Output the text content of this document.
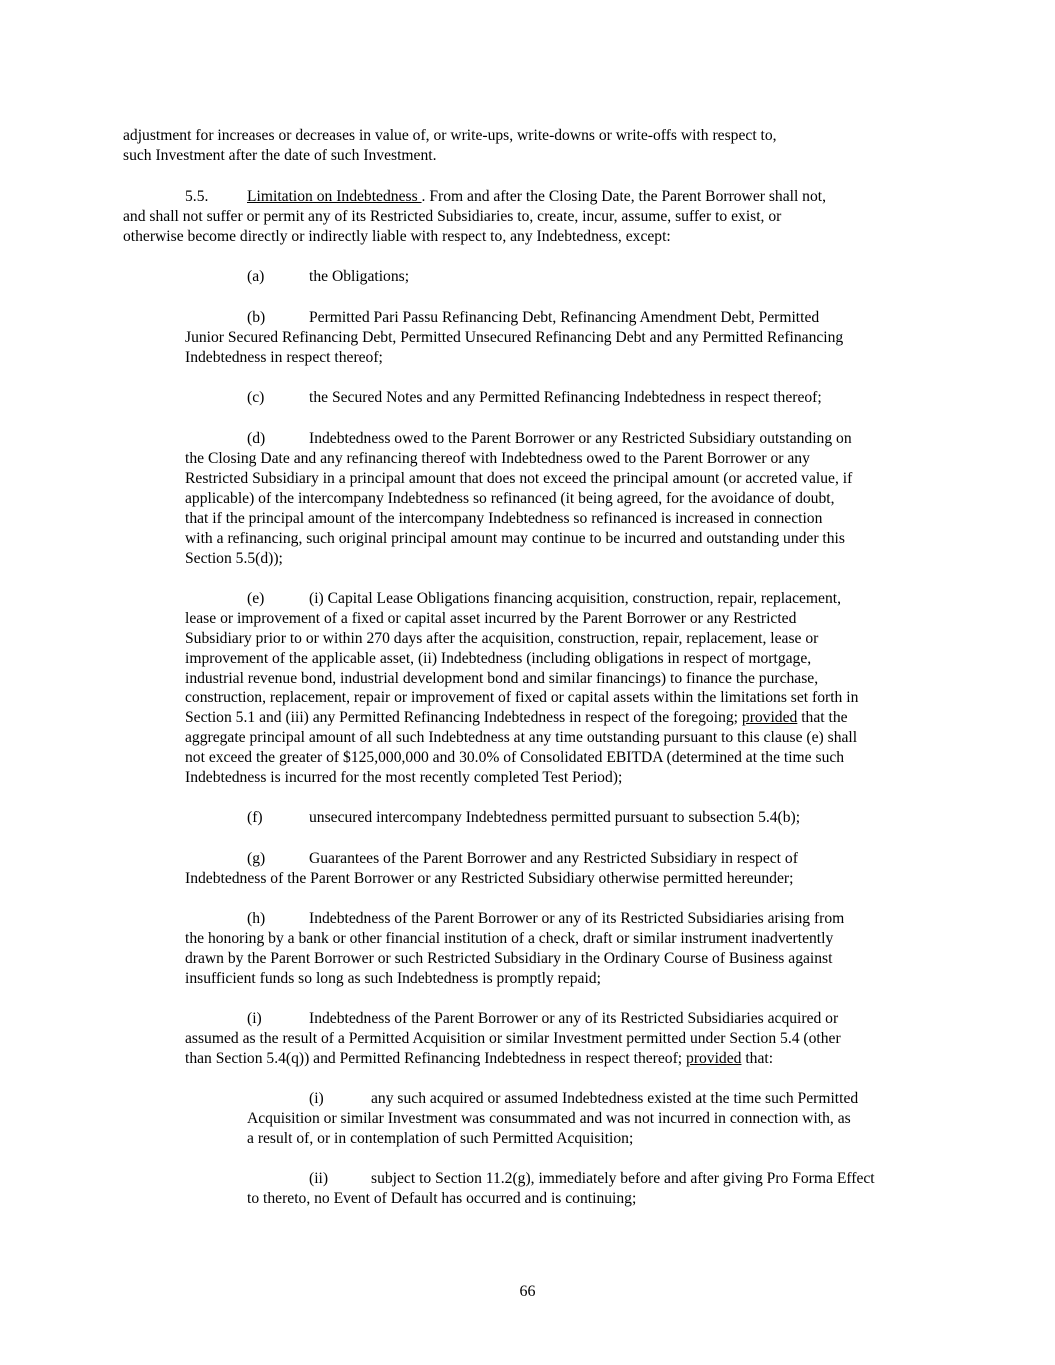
adjustment for increases or decreases in value of, or write-ups, write-downs or write-offs with respect to,

such Investment after the date of such Investment.

5.5. Limitation on Indebtedness . From and after the Closing Date, the Parent Borrower shall not,

and shall not suffer or permit any of its Restricted Subsidiaries to, create, incur, assume, suffer to exist, or

otherwise become directly or indirectly liable with respect to, any Indebtedness, except:

(a)	the Obligations;

(b)	Permitted Pari Passu Refinancing Debt, Refinancing Amendment Debt, Permitted

Junior Secured Refinancing Debt, Permitted Unsecured Refinancing Debt and any Permitted Refinancing

Indebtedness in respect thereof;

(c)	the Secured Notes and any Permitted Refinancing Indebtedness in respect thereof;

(d)	Indebtedness owed to the Parent Borrower or any Restricted Subsidiary outstanding on

the Closing Date and any refinancing thereof with Indebtedness owed to the Parent Borrower or any

Restricted Subsidiary in a principal amount that does not exceed the principal amount (or accreted value, if

applicable) of the intercompany Indebtedness so refinanced (it being agreed, for the avoidance of doubt,

that if the principal amount of the intercompany Indebtedness so refinanced is increased in connection

with a refinancing, such original principal amount may continue to be incurred and outstanding under this

Section 5.5(d));

(e)	(i) Capital Lease Obligations financing acquisition, construction, repair, replacement,

lease or improvement of a fixed or capital asset incurred by the Parent Borrower or any Restricted

Subsidiary prior to or within 270 days after the acquisition, construction, repair, replacement, lease or

improvement of the applicable asset, (ii) Indebtedness (including obligations in respect of mortgage,

industrial revenue bond, industrial development bond and similar financings) to finance the purchase,

construction, replacement, repair or improvement of fixed or capital assets within the limitations set forth in

Section 5.1 and (iii) any Permitted Refinancing Indebtedness in respect of the foregoing; provided that the

aggregate principal amount of all such Indebtedness at any time outstanding pursuant to this clause (e) shall

not exceed the greater of $125,000,000 and 30.0% of Consolidated EBITDA (determined at the time such

Indebtedness is incurred for the most recently completed Test Period);

(f)	unsecured intercompany Indebtedness permitted pursuant to subsection 5.4(b);

(g)	Guarantees of the Parent Borrower and any Restricted Subsidiary in respect of

Indebtedness of the Parent Borrower or any Restricted Subsidiary otherwise permitted hereunder;

(h)	Indebtedness of the Parent Borrower or any of its Restricted Subsidiaries arising from

the honoring by a bank or other financial institution of a check, draft or similar instrument inadvertently

drawn by the Parent Borrower or such Restricted Subsidiary in the Ordinary Course of Business against

insufficient funds so long as such Indebtedness is promptly repaid;

(i)	Indebtedness of the Parent Borrower or any of its Restricted Subsidiaries acquired or

assumed as the result of a Permitted Acquisition or similar Investment permitted under Section 5.4 (other

than Section 5.4(q)) and Permitted Refinancing Indebtedness in respect thereof; provided that:

(i)	any such acquired or assumed Indebtedness existed at the time such Permitted

Acquisition or similar Investment was consummated and was not incurred in connection with, as

a result of, or in contemplation of such Permitted Acquisition;

(ii)	subject to Section 11.2(g), immediately before and after giving Pro Forma Effect

to thereto, no Event of Default has occurred and is continuing;

66
